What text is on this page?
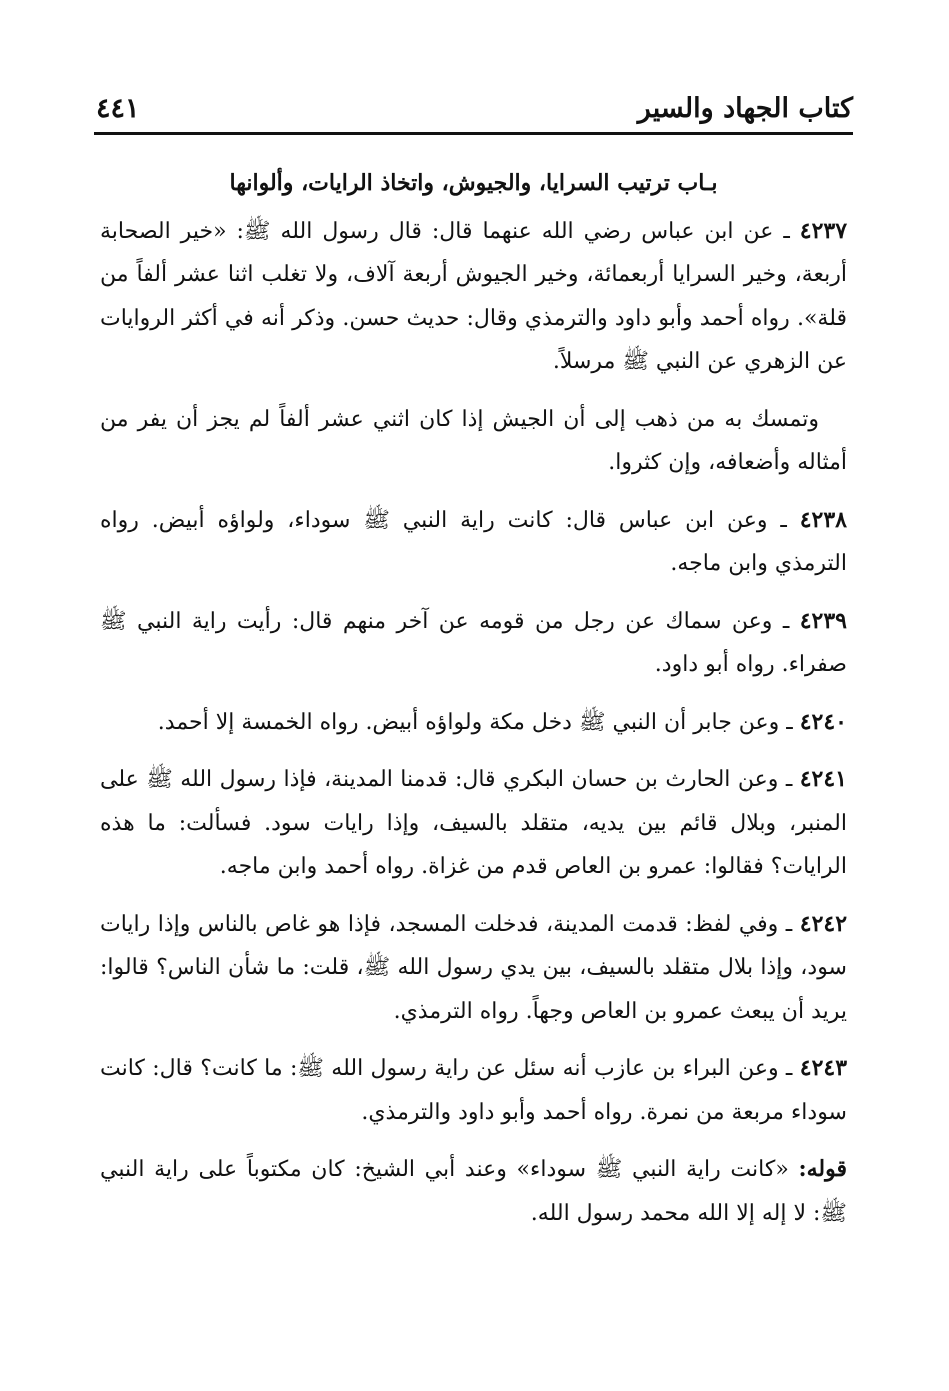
كتاب الجهاد والسير
٤٤١
بـاب ترتيب السرايا، والجيوش، واتخاذ الرايات، وألوانها

٤٢٣٧ ـ عن ابن عباس رضي الله عنهما قال: قال رسول الله ﷺ: «خير الصحابة أربعة، وخير السرايا أربعمائة، وخير الجيوش أربعة آلاف، ولا تغلب اثنا عشر ألفاً من قلة». رواه أحمد وأبو داود والترمذي وقال: حديث حسن. وذكر أنه في أكثر الروايات عن الزهري عن النبي ﷺ مرسلاً.

وتمسك به من ذهب إلى أن الجيش إذا كان اثني عشر ألفاً لم يجز أن يفر من أمثاله وأضعافه، وإن كثروا.

٤٢٣٨ ـ وعن ابن عباس قال: كانت راية النبي ﷺ سوداء، ولواؤه أبيض. رواه الترمذي وابن ماجه.

٤٢٣٩ ـ وعن سماك عن رجل من قومه عن آخر منهم قال: رأيت راية النبي ﷺ صفراء. رواه أبو داود.

٤٢٤٠ ـ وعن جابر أن النبي ﷺ دخل مكة ولواؤه أبيض. رواه الخمسة إلا أحمد.

٤٢٤١ ـ وعن الحارث بن حسان البكري قال: قدمنا المدينة، فإذا رسول الله ﷺ على المنبر، وبلال قائم بين يديه، متقلد بالسيف، وإذا رايات سود. فسألت: ما هذه الرايات؟ فقالوا: عمرو بن العاص قدم من غزاة. رواه أحمد وابن ماجه.

٤٢٤٢ ـ وفي لفظ: قدمت المدينة، فدخلت المسجد، فإذا هو غاص بالناس وإذا رايات سود، وإذا بلال متقلد بالسيف، بين يدي رسول الله ﷺ، قلت: ما شأن الناس؟ قالوا: يريد أن يبعث عمرو بن العاص وجهاً. رواه الترمذي.

٤٢٤٣ ـ وعن البراء بن عازب أنه سئل عن راية رسول الله ﷺ: ما كانت؟ قال: كانت سوداء مربعة من نمرة. رواه أحمد وأبو داود والترمذي.

قوله: «كانت راية النبي ﷺ سوداء» وعند أبي الشيخ: كان مكتوباً على راية النبي ﷺ: لا إله إلا الله محمد رسول الله.
